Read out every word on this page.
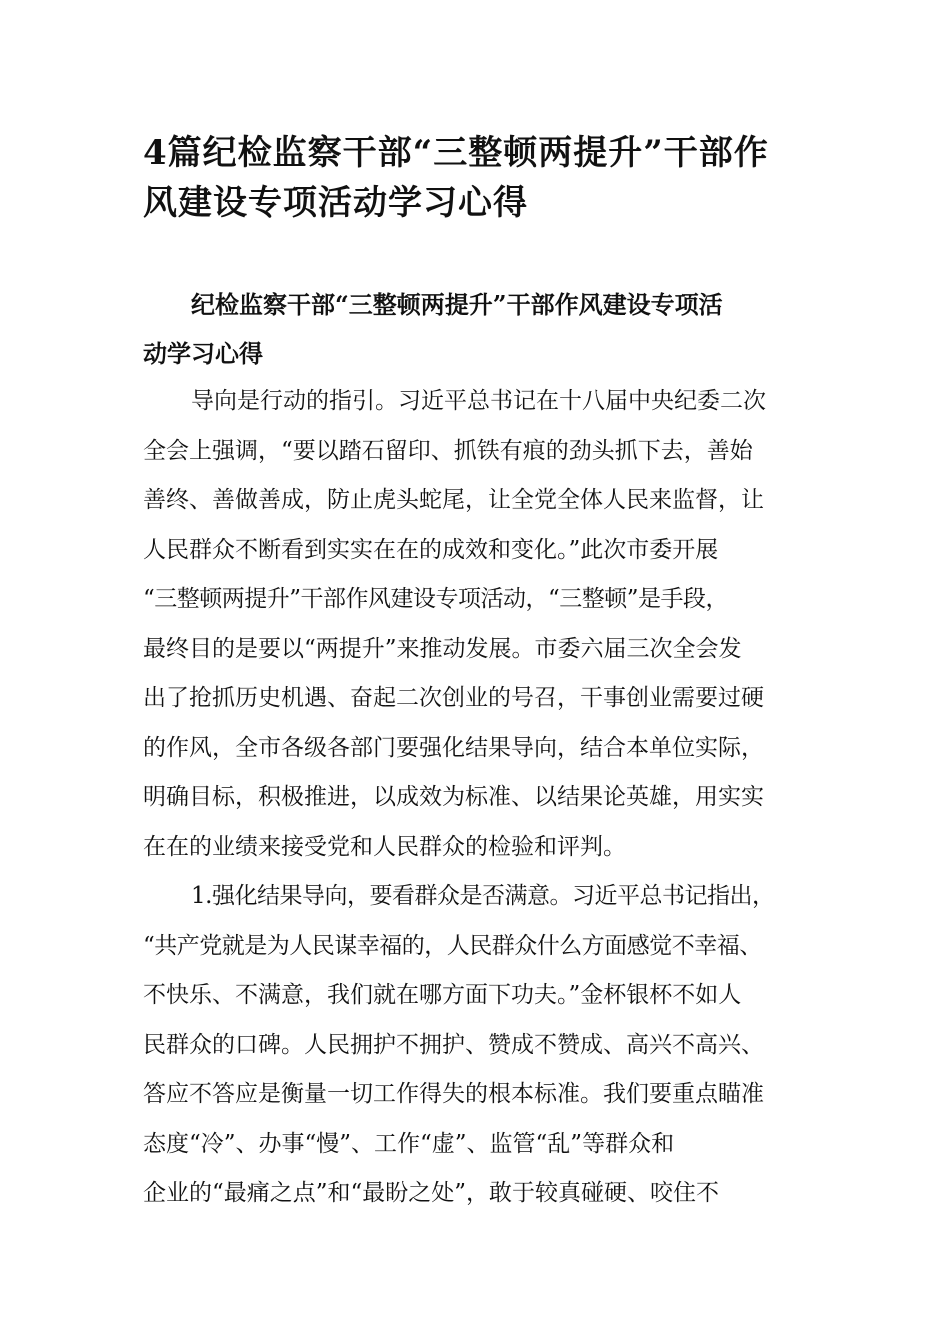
4篇纪检监察干部“三整顿两提升”干部作
风建设专项活动学习心得
纪检监察干部“三整顿两提升”干部作风建设专项活
动学习心得
导向是行动的指引。习近平总书记在十八届中央纪委二次
全会上强调，“要以踏石留印、抓铁有痕的劲头抓下去，善始
善终、善做善成，防止虎头蛇尾，让全党全体人民来监督，让
人民群众不断看到实实在在的成效和变化。”此次市委开展
“三整顿两提升”干部作风建设专项活动，“三整顿”是手段，
最终目的是要以“两提升”来推动发展。市委六届三次全会发
出了抢抓历史机遇、奋起二次创业的号召，干事创业需要过硬
的作风，全市各级各部门要强化结果导向，结合本单位实际，
明确目标，积极推进，以成效为标准、以结果论英雄，用实实
在在的业绩来接受党和人民群众的检验和评判。
1.强化结果导向，要看群众是否满意。习近平总书记指出，
“共产党就是为人民谋幸福的，人民群众什么方面感觉不幸福、
不快乐、不满意，我们就在哪方面下功夫。”金杯银杯不如人
民群众的口碑。人民拥护不拥护、赞成不赞成、高兴不高兴、
答应不答应是衡量一切工作得失的根本标准。我们要重点瞄准
态度“冷”、办事“慢”、工作“虚”、监管“乱”等群众和
企业的“最痛之点”和“最盼之处”，敢于较真碰硬、咬住不
